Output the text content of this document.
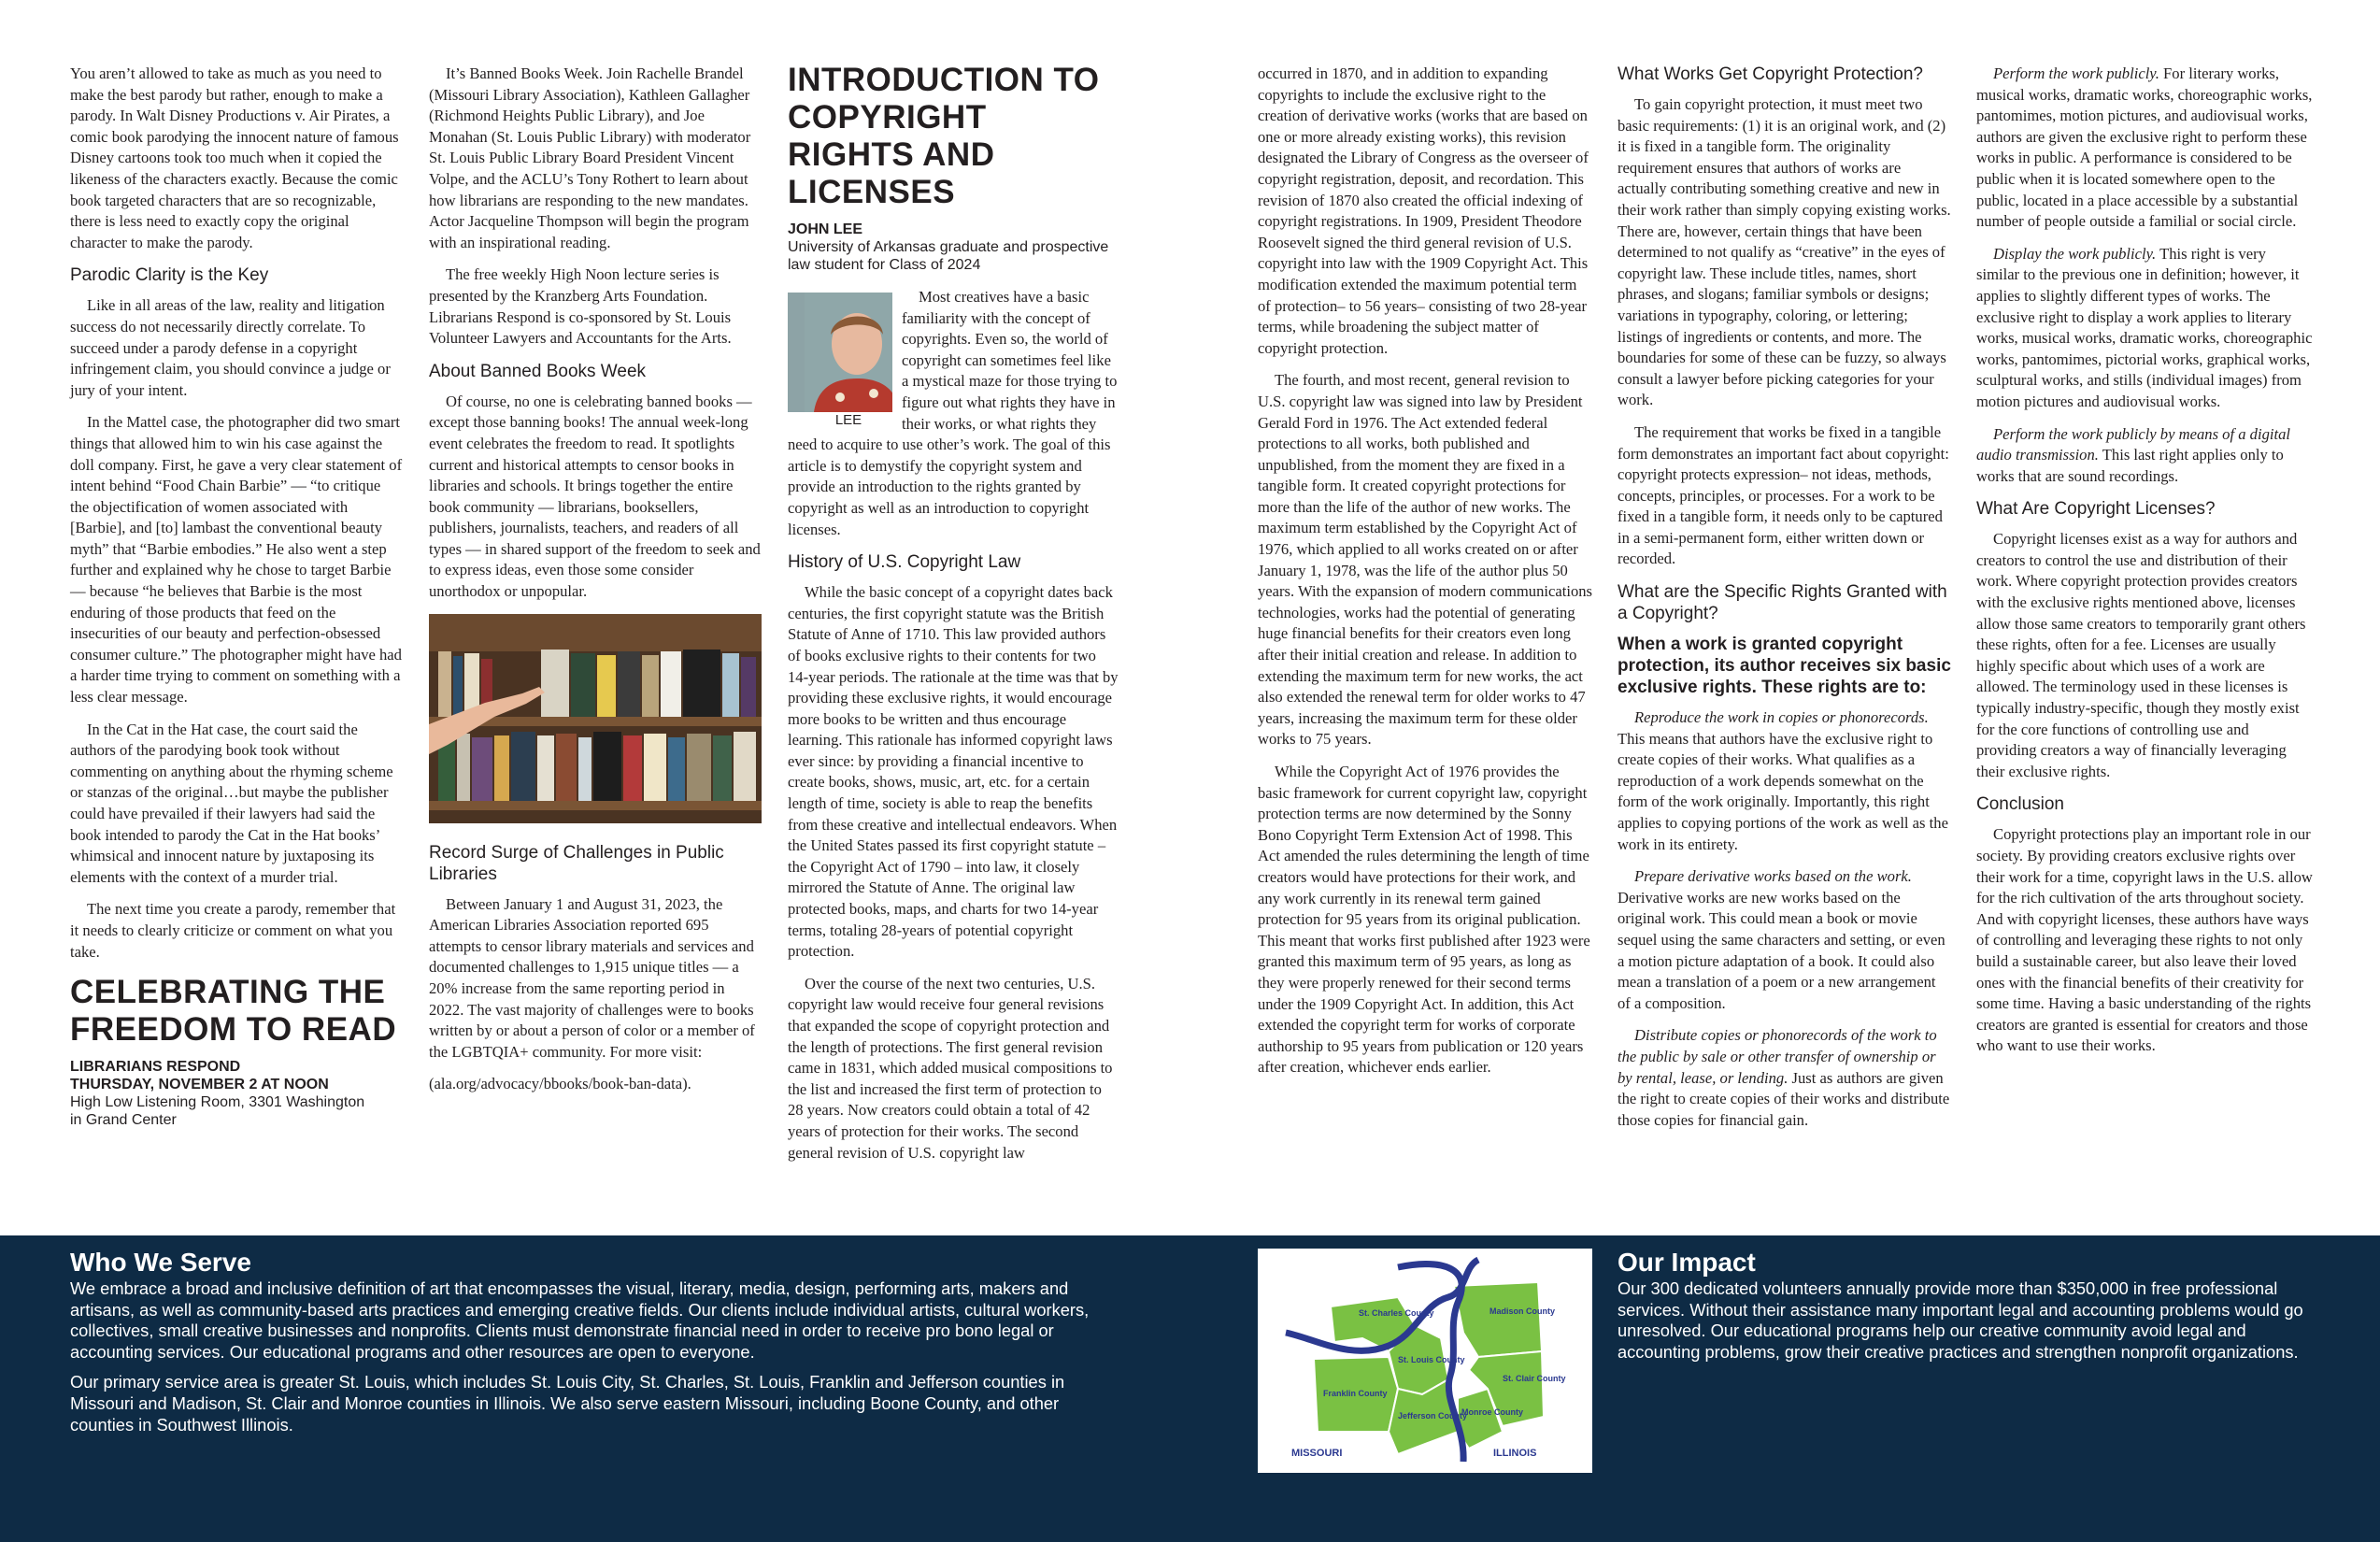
You aren’t allowed to take as much as you need to make the best parody but rather, enough to make a parody. In Walt Disney Productions v. Air Pirates, a comic book parodying the innocent nature of famous Disney cartoons took too much when it copied the likeness of the characters exactly. Because the comic book targeted characters that are so recognizable, there is less need to exactly copy the original character to make the parody.

Parodic Clarity is the Key

Like in all areas of the law, reality and litigation success do not necessarily directly correlate. To succeed under a parody defense in a copyright infringement claim, you should convince a judge or jury of your intent.

In the Mattel case, the photographer did two smart things that allowed him to win his case against the doll company. First, he gave a very clear statement of intent behind “Food Chain Barbie” — “to critique the objectification of women associated with [Barbie], and [to] lambast the conventional beauty myth” that “Barbie embodies.” He also went a step further and explained why he chose to target Barbie — because “he believes that Barbie is the most enduring of those products that feed on the insecurities of our beauty and perfection-obsessed consumer culture.” The photographer might have had a harder time trying to comment on something with a less clear message.

In the Cat in the Hat case, the court said the authors of the parodying book took without commenting on anything about the rhyming scheme or stanzas of the original…but maybe the publisher could have prevailed if their lawyers had said the book intended to parody the Cat in the Hat books’ whimsical and innocent nature by juxtaposing its elements with the context of a murder trial.

The next time you create a parody, remember that it needs to clearly criticize or comment on what you take.

CELEBRATING THE FREEDOM TO READ
LIBRARIANS RESPOND
THURSDAY, NOVEMBER 2 AT NOON
High Low Listening Room, 3301 Washington
in Grand Center

It’s Banned Books Week. Join Rachelle Brandel (Missouri Library Association), Kathleen Gallagher (Richmond Heights Public Library), and Joe Monahan (St. Louis Public Library) with moderator St. Louis Public Library Board President Vincent Volpe, and the ACLU’s Tony Rothert to learn about how librarians are responding to the new mandates. Actor Jacqueline Thompson will begin the program with an inspirational reading.

The free weekly High Noon lecture series is presented by the Kranzberg Arts Foundation. Librarians Respond is co-sponsored by St. Louis Volunteer Lawyers and Accountants for the Arts.

About Banned Books Week

Of course, no one is celebrating banned books — except those banning books! The annual week-long event celebrates the freedom to read. It spotlights current and historical attempts to censor books in libraries and schools. It brings together the entire book community — librarians, booksellers, publishers, journalists, teachers, and readers of all types — in shared support of the freedom to seek and to express ideas, even those some consider unorthodox or unpopular.

Record Surge of Challenges in Public Libraries

Between January 1 and August 31, 2023, the American Libraries Association reported 695 attempts to censor library materials and services and documented challenges to 1,915 unique titles — a 20% increase from the same reporting period in 2022. The vast majority of challenges were to books written by or about a person of color or a member of the LGBTQIA+ community. For more visit:

(ala.org/advocacy/bbooks/book-ban-data).

INTRODUCTION TO COPYRIGHT RIGHTS AND LICENSES
JOHN LEE
University of Arkansas graduate and prospective law student for Class of 2024

LEE
Most creatives have a basic familiarity with the concept of copyrights. Even so, the world of copyright can sometimes feel like a mystical maze for those trying to figure out what rights they have in their works, or what rights they need to acquire to use other’s work. The goal of this article is to demystify the copyright system and provide an introduction to the rights granted by copyright as well as an introduction to copyright licenses.

History of U.S. Copyright Law

While the basic concept of a copyright dates back centuries, the first copyright statute was the British Statute of Anne of 1710. This law provided authors of books exclusive rights to their contents for two 14-year periods. The rationale at the time was that by providing these exclusive rights, it would encourage more books to be written and thus encourage learning. This rationale has informed copyright laws ever since: by providing a financial incentive to create books, shows, music, art, etc. for a certain length of time, society is able to reap the benefits from these creative and intellectual endeavors. When the United States passed its first copyright statute – the Copyright Act of 1790 – into law, it closely mirrored the Statute of Anne. The original law protected books, maps, and charts for two 14-year terms, totaling 28-years of potential copyright protection.

Over the course of the next two centuries, U.S. copyright law would receive four general revisions that expanded the scope of copyright protection and the length of protections. The first general revision came in 1831, which added musical compositions to the list and increased the first term of protection to 28 years. Now creators could obtain a total of 42 years of protection for their works. The second general revision of U.S. copyright law

occurred in 1870, and in addition to expanding copyrights to include the exclusive right to the creation of derivative works (works that are based on one or more already existing works), this revision designated the Library of Congress as the overseer of copyright registration, deposit, and recordation. This revision of 1870 also created the official indexing of copyright registrations. In 1909, President Theodore Roosevelt signed the third general revision of U.S. copyright into law with the 1909 Copyright Act. This modification extended the maximum potential term of protection– to 56 years– consisting of two 28-year terms, while broadening the subject matter of copyright protection.

The fourth, and most recent, general revision to U.S. copyright law was signed into law by President Gerald Ford in 1976. The Act extended federal protections to all works, both published and unpublished, from the moment they are fixed in a tangible form. It created copyright protections for more than the life of the author of new works. The maximum term established by the Copyright Act of 1976, which applied to all works created on or after January 1, 1978, was the life of the author plus 50 years. With the expansion of modern communications technologies, works had the potential of generating huge financial benefits for their creators even long after their initial creation and release. In addition to extending the maximum term for new works, the act also extended the renewal term for older works to 47 years, increasing the maximum term for these older works to 75 years.

While the Copyright Act of 1976 provides the basic framework for current copyright law, copyright protection terms are now determined by the Sonny Bono Copyright Term Extension Act of 1998. This Act amended the rules determining the length of time creators would have protections for their work, and any work currently in its renewal term gained protection for 95 years from its original publication. This meant that works first published after 1923 were granted this maximum term of 95 years, as long as they were properly renewed for their second terms under the 1909 Copyright Act. In addition, this Act extended the copyright term for works of corporate authorship to 95 years from publication or 120 years after creation, whichever ends earlier.

What Works Get Copyright Protection?

To gain copyright protection, it must meet two basic requirements: (1) it is an original work, and (2) it is fixed in a tangible form. The originality requirement ensures that authors of works are actually contributing something creative and new in their work rather than simply copying existing works. There are, however, certain things that have been determined to not qualify as “creative” in the eyes of copyright law. These include titles, names, short phrases, and slogans; familiar symbols or designs; variations in typography, coloring, or lettering; listings of ingredients or contents, and more. The boundaries for some of these can be fuzzy, so always consult a lawyer before picking categories for your work.

The requirement that works be fixed in a tangible form demonstrates an important fact about copyright: copyright protects expression– not ideas, methods, concepts, principles, or processes. For a work to be fixed in a tangible form, it needs only to be captured in a semi-permanent form, either written down or recorded.

What are the Specific Rights Granted with a Copyright?
When a work is granted copyright protection, its author receives six basic exclusive rights. These rights are to:

Reproduce the work in copies or phonorecords. This means that authors have the exclusive right to create copies of their works. What qualifies as a reproduction of a work depends somewhat on the form of the work originally. Importantly, this right applies to copying portions of the work as well as the work in its entirety.

Prepare derivative works based on the work. Derivative works are new works based on the original work. This could mean a book or movie sequel using the same characters and setting, or even a motion picture adaptation of a book. It could also mean a translation of a poem or a new arrangement of a composition.

Distribute copies or phonorecords of the work to the public by sale or other transfer of ownership or by rental, lease, or lending. Just as authors are given the right to create copies of their works and distribute those copies for financial gain.

Perform the work publicly. For literary works, musical works, dramatic works, choreographic works, pantomimes, motion pictures, and audiovisual works, authors are given the exclusive right to perform these works in public. A performance is considered to be public when it is located somewhere open to the public, located in a place accessible by a substantial number of people outside a familial or social circle.

Display the work publicly. This right is very similar to the previous one in definition; however, it applies to slightly different types of works. The exclusive right to display a work applies to literary works, musical works, dramatic works, choreographic works, pantomimes, pictorial works, graphical works, sculptural works, and stills (individual images) from motion pictures and audiovisual works.

Perform the work publicly by means of a digital audio transmission. This last right applies only to works that are sound recordings.

What Are Copyright Licenses?

Copyright licenses exist as a way for authors and creators to control the use and distribution of their work. Where copyright protection provides creators with the exclusive rights mentioned above, licenses allow those same creators to temporarily grant others these rights, often for a fee. Licenses are usually highly specific about which uses of a work are allowed. The terminology used in these licenses is typically industry-specific, though they mostly exist for the core functions of controlling use and providing creators a way of financially leveraging their exclusive rights.

Conclusion

Copyright protections play an important role in our society. By providing creators exclusive rights over their work for a time, copyright laws in the U.S. allow for the rich cultivation of the arts throughout society. And with copyright licenses, these authors have ways of controlling and leveraging these rights to not only build a sustainable career, but also leave their loved ones with the financial benefits of their creativity for some time. Having a basic understanding of the rights creators are granted is essential for creators and those who want to use their works.

Who We Serve

We embrace a broad and inclusive definition of art that encompasses the visual, literary, media, design, performing arts, makers and artisans, as well as community-based arts practices and emerging creative fields. Our clients include individual artists, cultural workers, collectives, small creative businesses and nonprofits. Clients must demonstrate financial need in order to receive pro bono legal or accounting services. Our educational programs and other resources are open to everyone.

Our primary service area is greater St. Louis, which includes St. Louis City, St. Charles, St. Louis, Franklin and Jefferson counties in Missouri and Madison, St. Clair and Monroe counties in Illinois. We also serve eastern Missouri, including Boone County, and other counties in Southwest Illinois.

St. Charles County	Madison County
St. Louis County
Franklin County
Jefferson County
Monroe County
St. Clair County
MISSOURI	ILLINOIS
Our Impact

Our 300 dedicated volunteers annually provide more than $350,000 in free professional services. Without their assistance many important legal and accounting problems would go unresolved. Our educational programs help our creative community avoid legal and accounting problems, grow their creative practices and strengthen nonprofit organizations.
